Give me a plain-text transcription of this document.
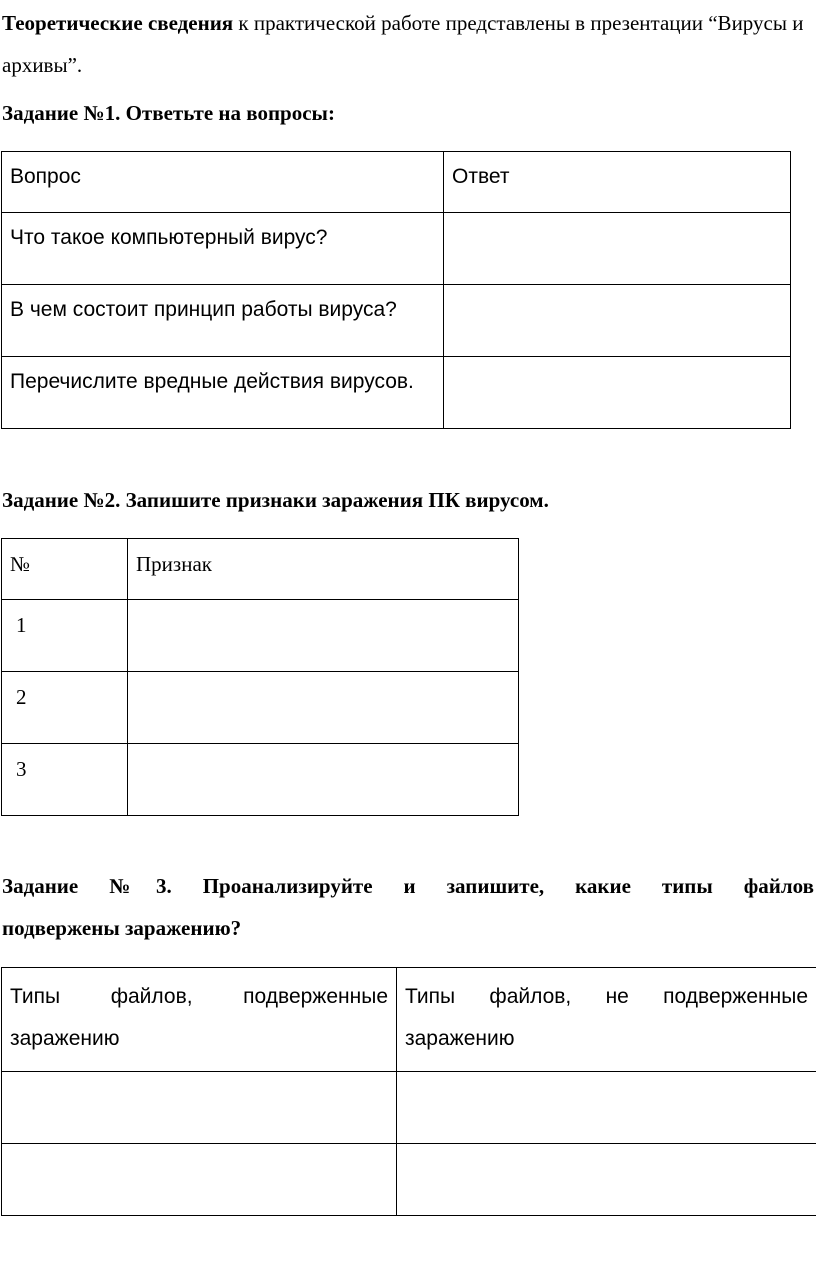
Теоретические сведения к практической работе представлены в презентации “Вирусы и архивы”.
Задание №1. Ответьте на вопросы:
Вопрос	Ответ
Что такое компьютерный вирус?	
В чем состоит принцип работы вируса?	
Перечислите вредные действия вирусов.	
Задание №2. Запишите признаки заражения ПК вирусом.
№	Признак
1	
2	
3	
Задание №3. Проанализируйте и запишите, какие типы файлов
подвержены заражению?
Типы файлов, подверженные заражению	Типы файлов, не подверженные заражению
